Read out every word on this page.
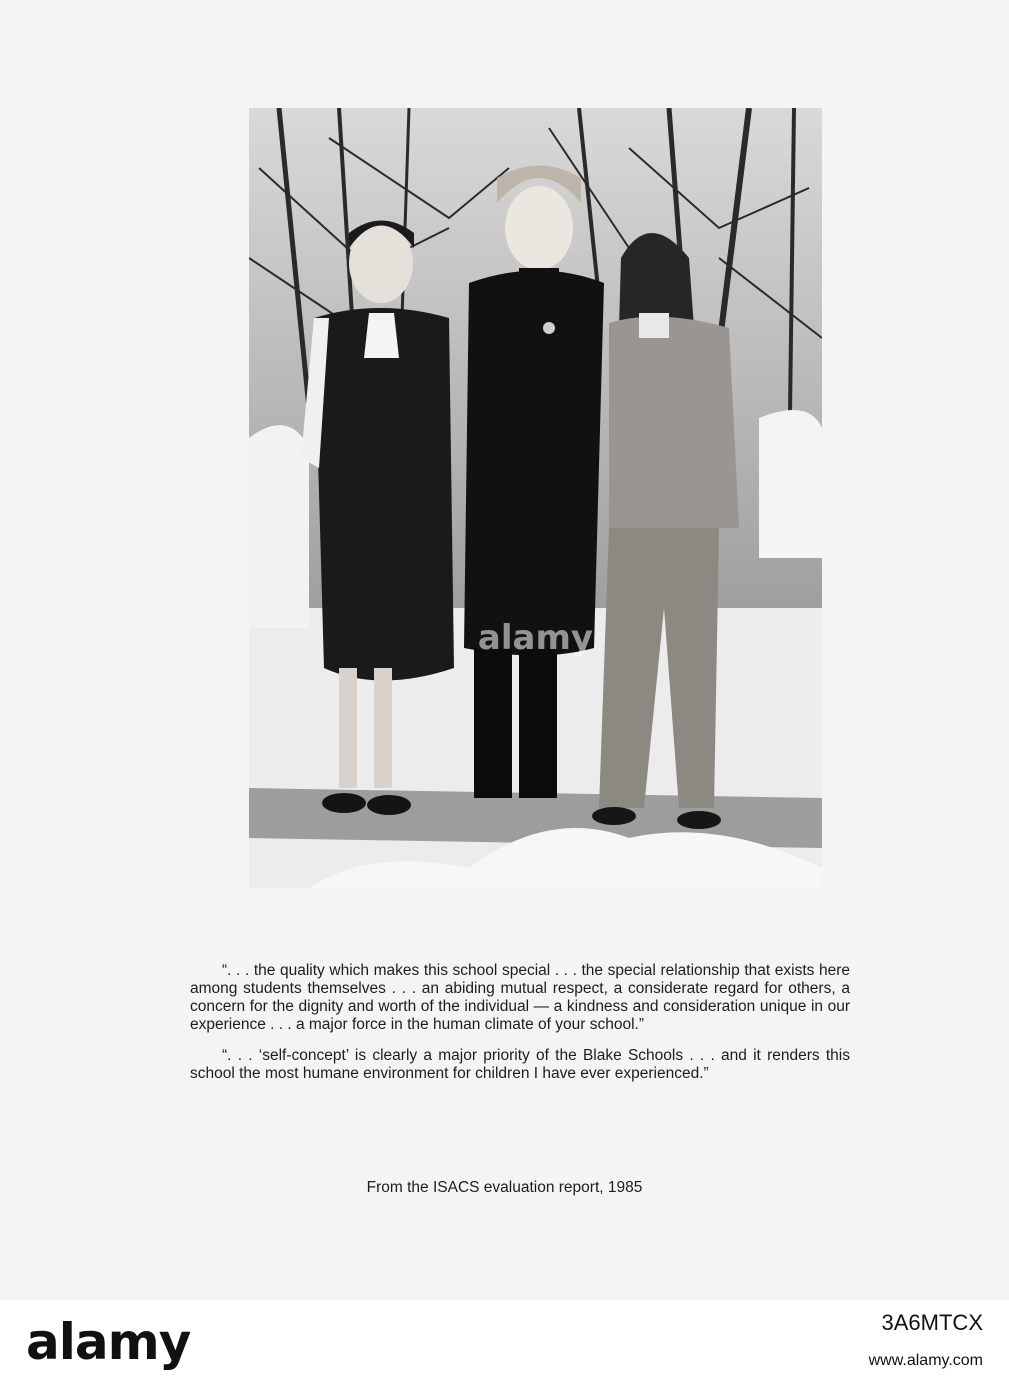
alamy

“. . . the quality which makes this school special . . . the special relationship that exists here among students themselves . . . an abiding mutual respect, a considerate regard for others, a concern for the dignity and worth of the individual — a kindness and consideration unique in our experience . . . a major force in the human climate of your school.”

“. . . ‘self-concept’ is clearly a major priority of the Blake Schools . . . and it renders this school the most humane environment for children I have ever experienced.”

From the ISACS evaluation report, 1985
alamy	3A6MTCX
www.alamy.com
